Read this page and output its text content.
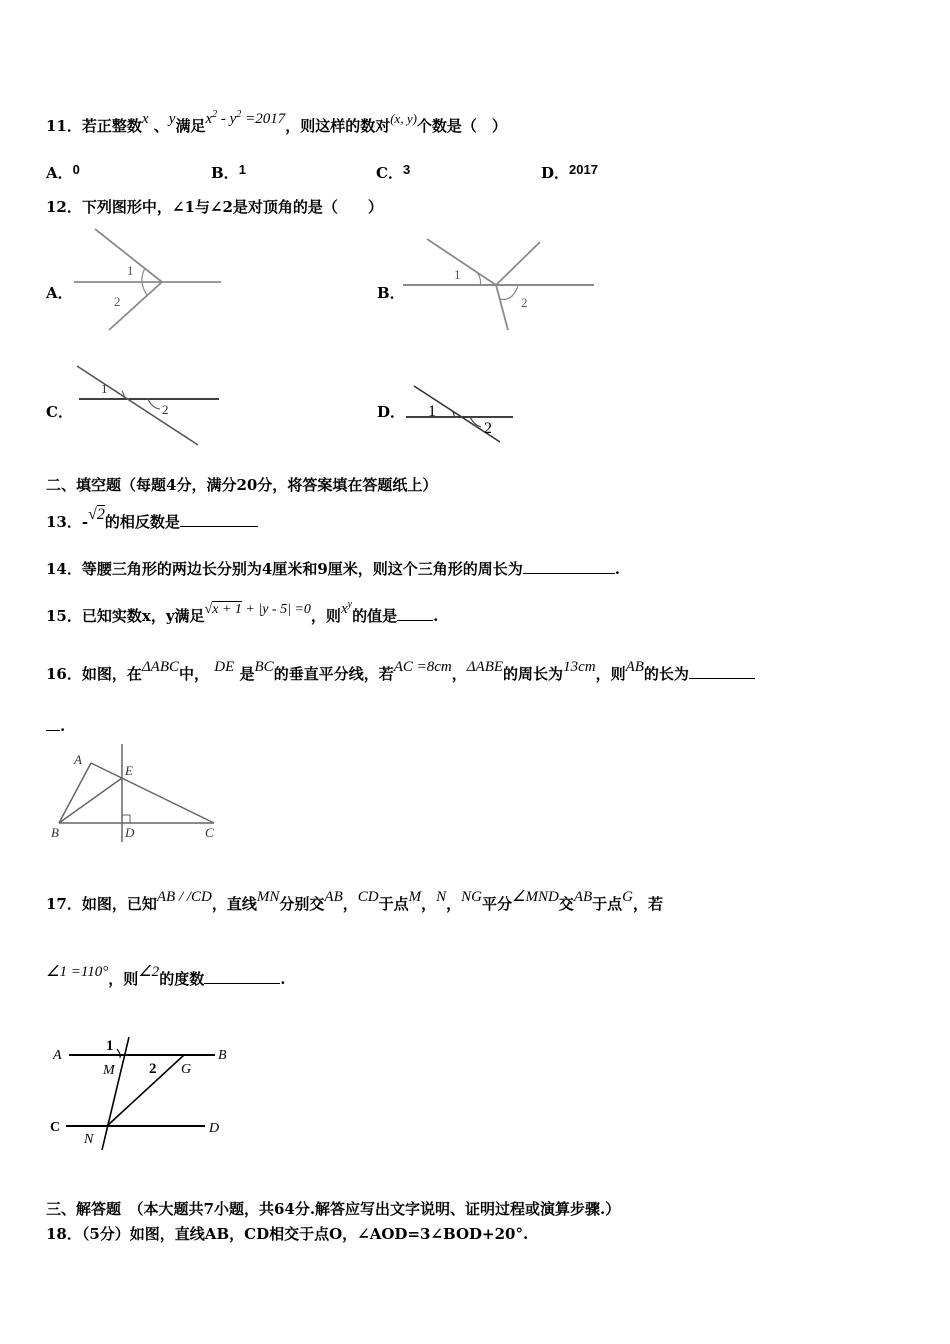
11．若正整数x 、y满足$x^2 - y^2 =2017$，则这样的数对(x, y)个数是（　）
A．0	B．1	C．3	D．2017
12．下列图形中，∠1与∠2是对顶角的是（　　）
A．
1
2	B．
1
2
C．
1
2	D． 1
2
二、填空题（每题4分，满分20分，将答案填在答题纸上）
13．-√2的相反数是
14．等腰三角形的两边长分别为4厘米和9厘米，则这个三角形的周长为	.
15．已知实数x，y满足√x + 1 + |y - 5| =0，则$x^y$的值是 .
16．如图，在ΔABC中， DE 是BC的垂直平分线，若AC =8cm，ΔABE的周长为13cm，则AB的长为
.
A
E
B	D	C
17．如图，已知AB / /CD，直线MN分别交AB，CD于点M，N，NG平分∠MND交AB于点G，若
∠1 =110°，则∠2的度数	.
A	B
C	D
M
N
G
1
2
三、解答题　（本大题共7小题，共64分.解答应写出文字说明、证明过程或演算步骤.）
18．（5分）如图，直线AB，CD相交于点O，∠AOD=3∠BOD+20°.
